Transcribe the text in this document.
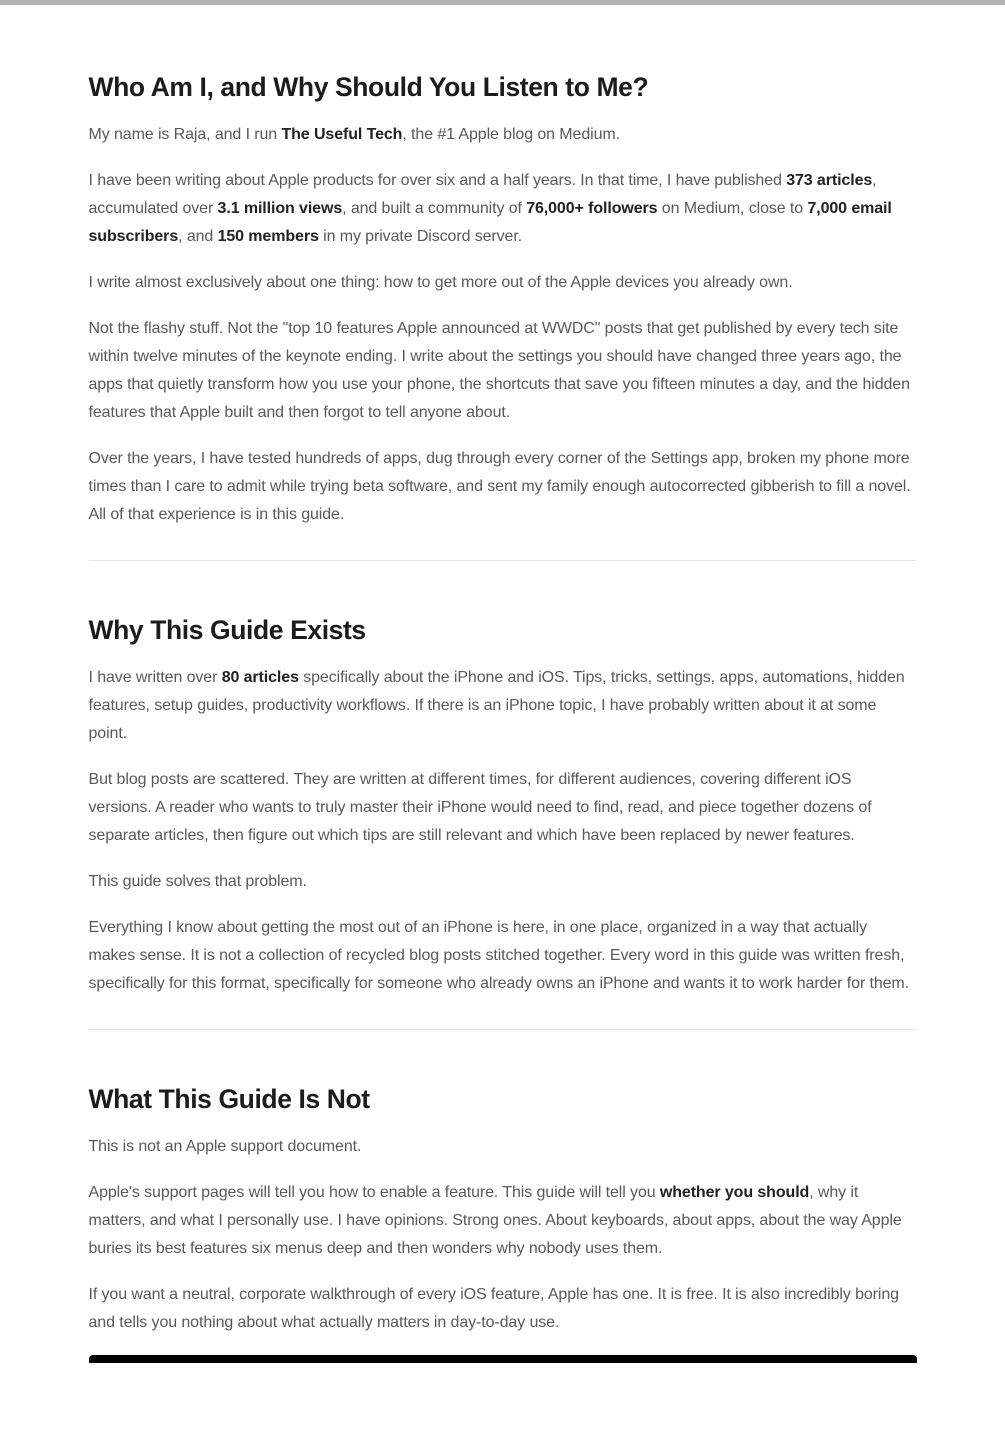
Who Am I, and Why Should You Listen to Me?

My name is Raja, and I run The Useful Tech, the #1 Apple blog on Medium.

I have been writing about Apple products for over six and a half years. In that time, I have published 373 articles, accumulated over 3.1 million views, and built a community of 76,000+ followers on Medium, close to 7,000 email subscribers, and 150 members in my private Discord server.

I write almost exclusively about one thing: how to get more out of the Apple devices you already own.

Not the flashy stuff. Not the "top 10 features Apple announced at WWDC" posts that get published by every tech site within twelve minutes of the keynote ending. I write about the settings you should have changed three years ago, the apps that quietly transform how you use your phone, the shortcuts that save you fifteen minutes a day, and the hidden features that Apple built and then forgot to tell anyone about.

Over the years, I have tested hundreds of apps, dug through every corner of the Settings app, broken my phone more times than I care to admit while trying beta software, and sent my family enough autocorrected gibberish to fill a novel. All of that experience is in this guide.

Why This Guide Exists

I have written over 80 articles specifically about the iPhone and iOS. Tips, tricks, settings, apps, automations, hidden features, setup guides, productivity workflows. If there is an iPhone topic, I have probably written about it at some point.

But blog posts are scattered. They are written at different times, for different audiences, covering different iOS versions. A reader who wants to truly master their iPhone would need to find, read, and piece together dozens of separate articles, then figure out which tips are still relevant and which have been replaced by newer features.

This guide solves that problem.

Everything I know about getting the most out of an iPhone is here, in one place, organized in a way that actually makes sense. It is not a collection of recycled blog posts stitched together. Every word in this guide was written fresh, specifically for this format, specifically for someone who already owns an iPhone and wants it to work harder for them.

What This Guide Is Not

This is not an Apple support document.

Apple's support pages will tell you how to enable a feature. This guide will tell you whether you should, why it matters, and what I personally use. I have opinions. Strong ones. About keyboards, about apps, about the way Apple buries its best features six menus deep and then wonders why nobody uses them.

If you want a neutral, corporate walkthrough of every iOS feature, Apple has one. It is free. It is also incredibly boring and tells you nothing about what actually matters in day-to-day use.
